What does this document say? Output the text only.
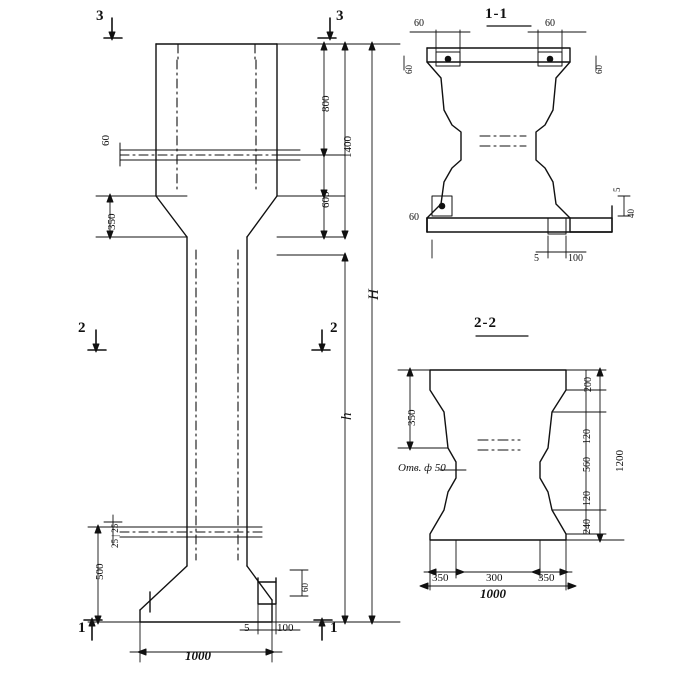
3	3
2	2
1	1
800
600
1400
350
60
500
25 | 25
1000
5	100
60
H
h
1-1
60
60
60
60
60
5	100
5
40
2-2
350
200
120
560
120
240
1200
Отв. ф 50
350	300	350
1000
